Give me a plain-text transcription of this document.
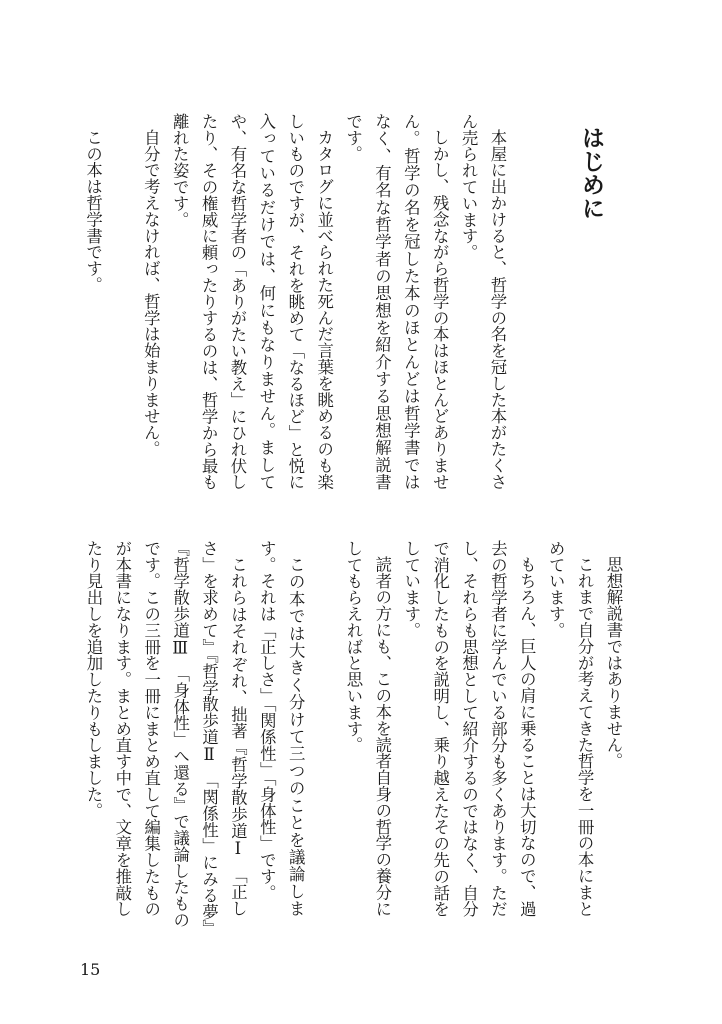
はじめに
本屋に出かけると、哲学の名を冠した本がたくさ
ん売られています。
しかし、残念ながら哲学の本はほとんどありませ
ん。哲学の名を冠した本のほとんどは哲学書では
なく、有名な哲学者の思想を紹介する思想解説書
です。
カタログに並べられた死んだ言葉を眺めるのも楽
しいものですが、それを眺めて「なるほど」と悦に
入っているだけでは、何にもなりません。まして
や、有名な哲学者の「ありがたい教え」にひれ伏し
たり、その権威に頼ったりするのは、哲学から最も
離れた姿です。
自分で考えなければ、哲学は始まりません。
この本は哲学書です。
思想解説書ではありません。
これまで自分が考えてきた哲学を一冊の本にまと
めています。
もちろん、巨人の肩に乗ることは大切なので、過
去の哲学者に学んでいる部分も多くあります。ただ
し、それらも思想として紹介するのではなく、自分
で消化したものを説明し、乗り越えたその先の話を
しています。
読者の方にも、この本を読者自身の哲学の養分に
してもらえればと思います。
この本では大きく分けて三つのことを議論しま
す。それは「正しさ」「関係性」「身体性」です。
これらはそれぞれ、拙著『哲学散歩道Ⅰ　「正し
さ」を求めて』『哲学散歩道Ⅱ　「関係性」にみる夢』
『哲学散歩道Ⅲ　「身体性」へ還る』で議論したもの
です。この三冊を一冊にまとめ直して編集したもの
が本書になります。まとめ直す中で、文章を推敲し
たり見出しを追加したりもしました。
15
